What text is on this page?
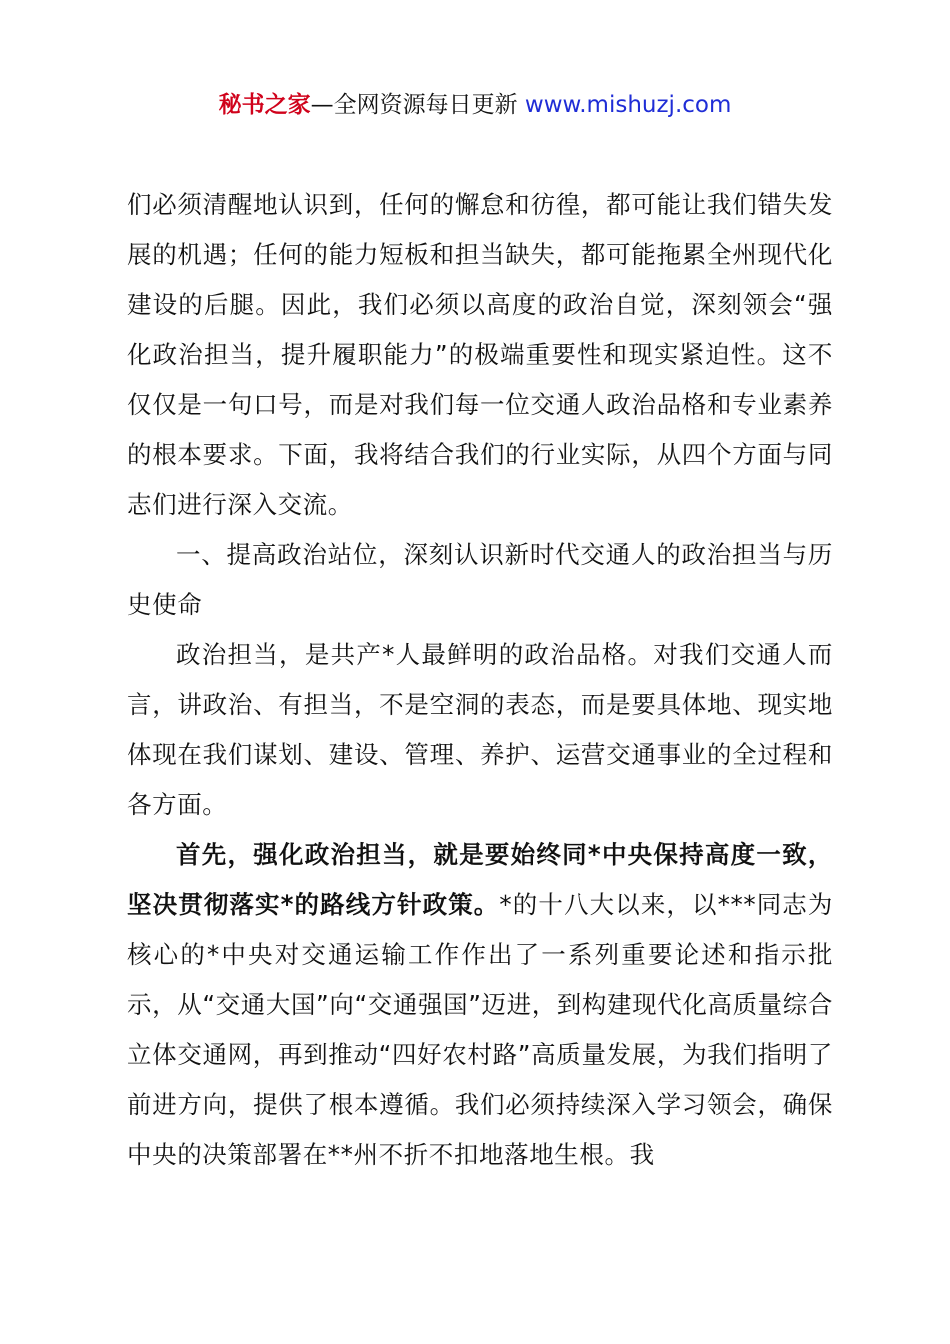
秘书之家—全网资源每日更新 www.mishuzj.com

们必须清醒地认识到，任何的懈怠和彷徨，都可能让我们错失发展的机遇；任何的能力短板和担当缺失，都可能拖累全州现代化建设的后腿。因此，我们必须以高度的政治自觉，深刻领会“强化政治担当，提升履职能力”的极端重要性和现实紧迫性。这不仅仅是一句口号，而是对我们每一位交通人政治品格和专业素养的根本要求。下面，我将结合我们的行业实际，从四个方面与同志们进行深入交流。

一、提高政治站位，深刻认识新时代交通人的政治担当与历史使命

政治担当，是共产*人最鲜明的政治品格。对我们交通人而言，讲政治、有担当，不是空洞的表态，而是要具体地、现实地体现在我们谋划、建设、管理、养护、运营交通事业的全过程和各方面。

首先，强化政治担当，就是要始终同*中央保持高度一致，坚决贯彻落实*的路线方针政策。*的十八大以来，以***同志为核心的*中央对交通运输工作作出了一系列重要论述和指示批示，从“交通大国”向“交通强国”迈进，到构建现代化高质量综合立体交通网，再到推动“四好农村路”高质量发展，为我们指明了前进方向，提供了根本遵循。我们必须持续深入学习领会，确保中央的决策部署在**州不折不扣地落地生根。我
